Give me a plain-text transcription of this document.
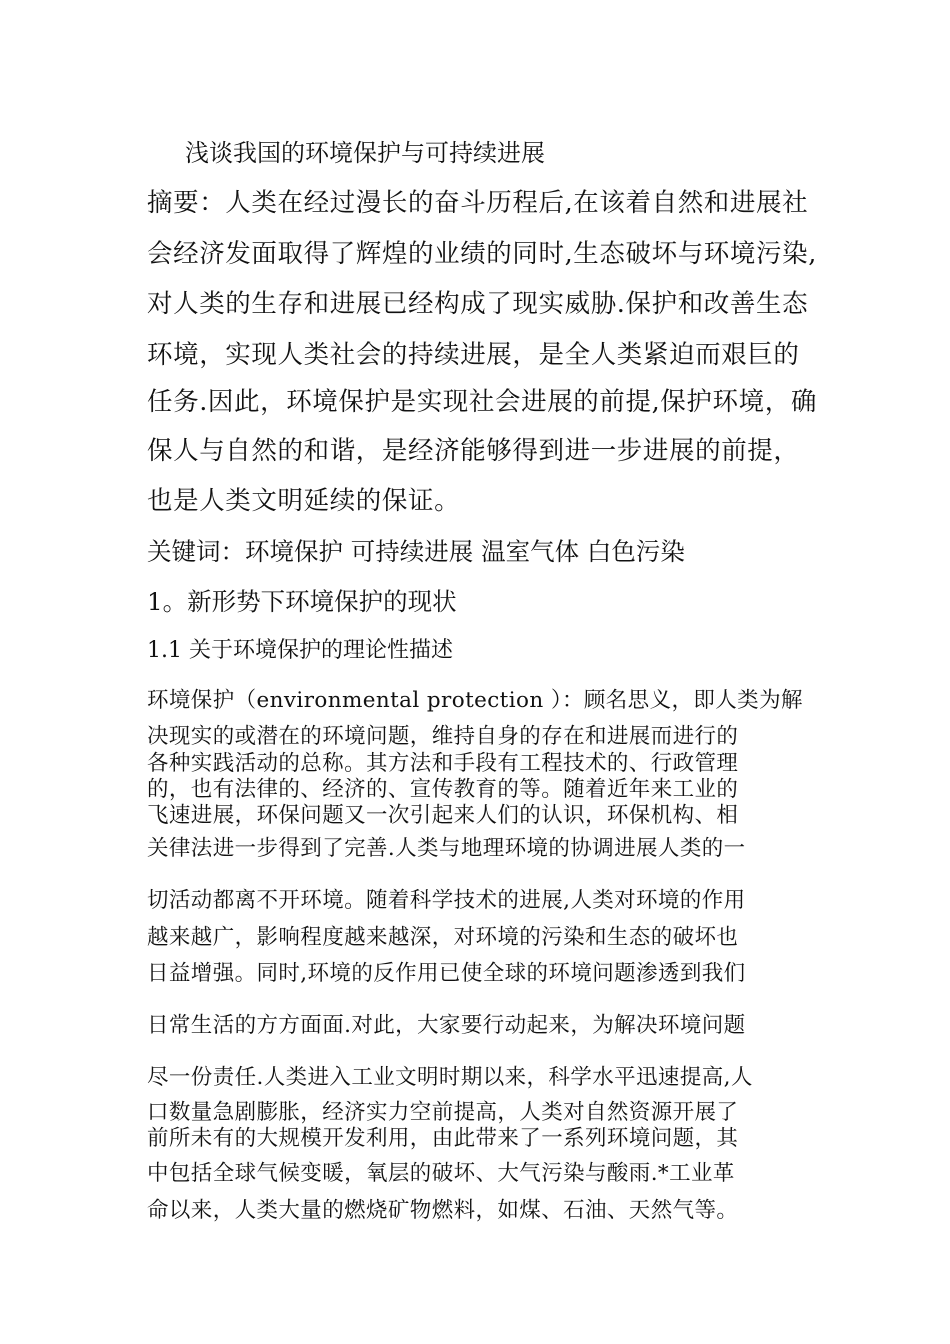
浅谈我国的环境保护与可持续进展
摘要：人类在经过漫长的奋斗历程后,在该着自然和进展社
会经济发面取得了辉煌的业绩的同时,生态破坏与环境污染,
对人类的生存和进展已经构成了现实威胁.保护和改善生态
环境，实现人类社会的持续进展，是全人类紧迫而艰巨的
任务.因此，环境保护是实现社会进展的前提,保护环境，确
保人与自然的和谐，是经济能够得到进一步进展的前提，
也是人类文明延续的保证。
关键词：环境保护 可持续进展 温室气体 白色污染
1。新形势下环境保护的现状
1.1 关于环境保护的理论性描述
环境保护（environmental protection ）：顾名思义，即人类为解
决现实的或潜在的环境问题，维持自身的存在和进展而进行的
各种实践活动的总称。其方法和手段有工程技术的、行政管理
的，也有法律的、经济的、宣传教育的等。随着近年来工业的
飞速进展，环保问题又一次引起来人们的认识，环保机构、相
关律法进一步得到了完善.人类与地理环境的协调进展人类的一
切活动都离不开环境。随着科学技术的进展,人类对环境的作用
越来越广，影响程度越来越深，对环境的污染和生态的破坏也
日益增强。同时,环境的反作用已使全球的环境问题渗透到我们
日常生活的方方面面.对此，大家要行动起来，为解决环境问题
尽一份责任.人类进入工业文明时期以来，科学水平迅速提高,人
口数量急剧膨胀，经济实力空前提高，人类对自然资源开展了
前所未有的大规模开发利用，由此带来了一系列环境问题，其
中包括全球气候变暖，氧层的破坏、大气污染与酸雨.*工业革
命以来，人类大量的燃烧矿物燃料，如煤、石油、天然气等。
